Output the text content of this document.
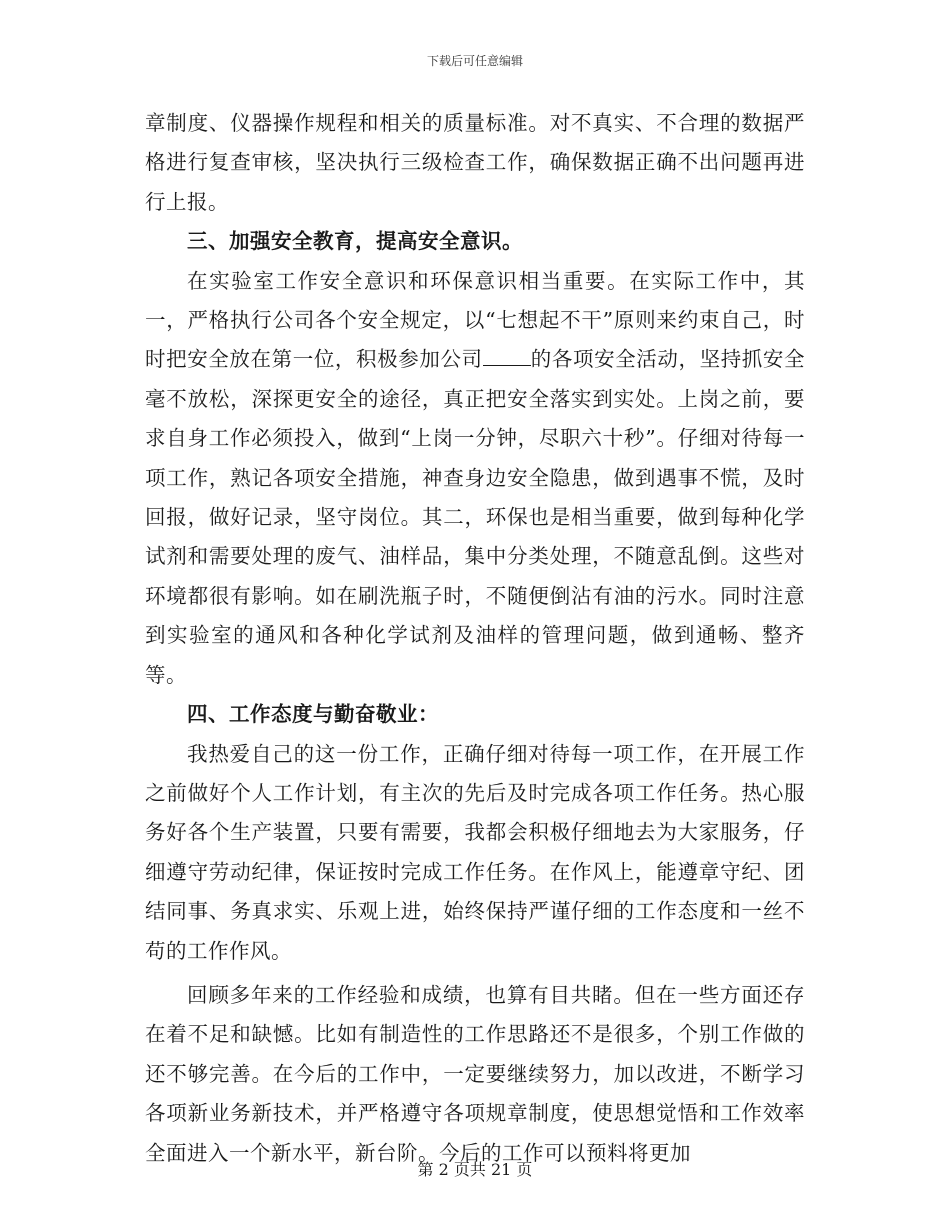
下载后可任意编辑

章制度、仪器操作规程和相关的质量标准。对不真实、不合理的数据严格进行复查审核，坚决执行三级检查工作，确保数据正确不出问题再进行上报。

三、加强安全教育，提高安全意识。

在实验室工作安全意识和环保意识相当重要。在实际工作中，其一，严格执行公司各个安全规定，以“七想起不干”原则来约束自己，时时把安全放在第一位，积极参加公司 的各项安全活动，坚持抓安全毫不放松，深探更安全的途径，真正把安全落实到实处。上岗之前，要求自身工作必须投入，做到“上岗一分钟，尽职六十秒”。仔细对待每一项工作，熟记各项安全措施，神查身边安全隐患，做到遇事不慌，及时回报，做好记录，坚守岗位。其二，环保也是相当重要，做到每种化学试剂和需要处理的废气、油样品，集中分类处理，不随意乱倒。这些对环境都很有影响。如在刷洗瓶子时，不随便倒沾有油的污水。同时注意到实验室的通风和各种化学试剂及油样的管理问题，做到通畅、整齐等。

四、工作态度与勤奋敬业：

我热爱自己的这一份工作，正确仔细对待每一项工作，在开展工作之前做好个人工作计划，有主次的先后及时完成各项工作任务。热心服务好各个生产装置，只要有需要，我都会积极仔细地去为大家服务，仔细遵守劳动纪律，保证按时完成工作任务。在作风上，能遵章守纪、团结同事、务真求实、乐观上进，始终保持严谨仔细的工作态度和一丝不苟的工作作风。

回顾多年来的工作经验和成绩，也算有目共睹。但在一些方面还存在着不足和缺憾。比如有制造性的工作思路还不是很多，个别工作做的还不够完善。在今后的工作中，一定要继续努力，加以改进，不断学习各项新业务新技术，并严格遵守各项规章制度，使思想觉悟和工作效率全面进入一个新水平，新台阶。今后的工作可以预料将更加

第 2 页共 21 页
